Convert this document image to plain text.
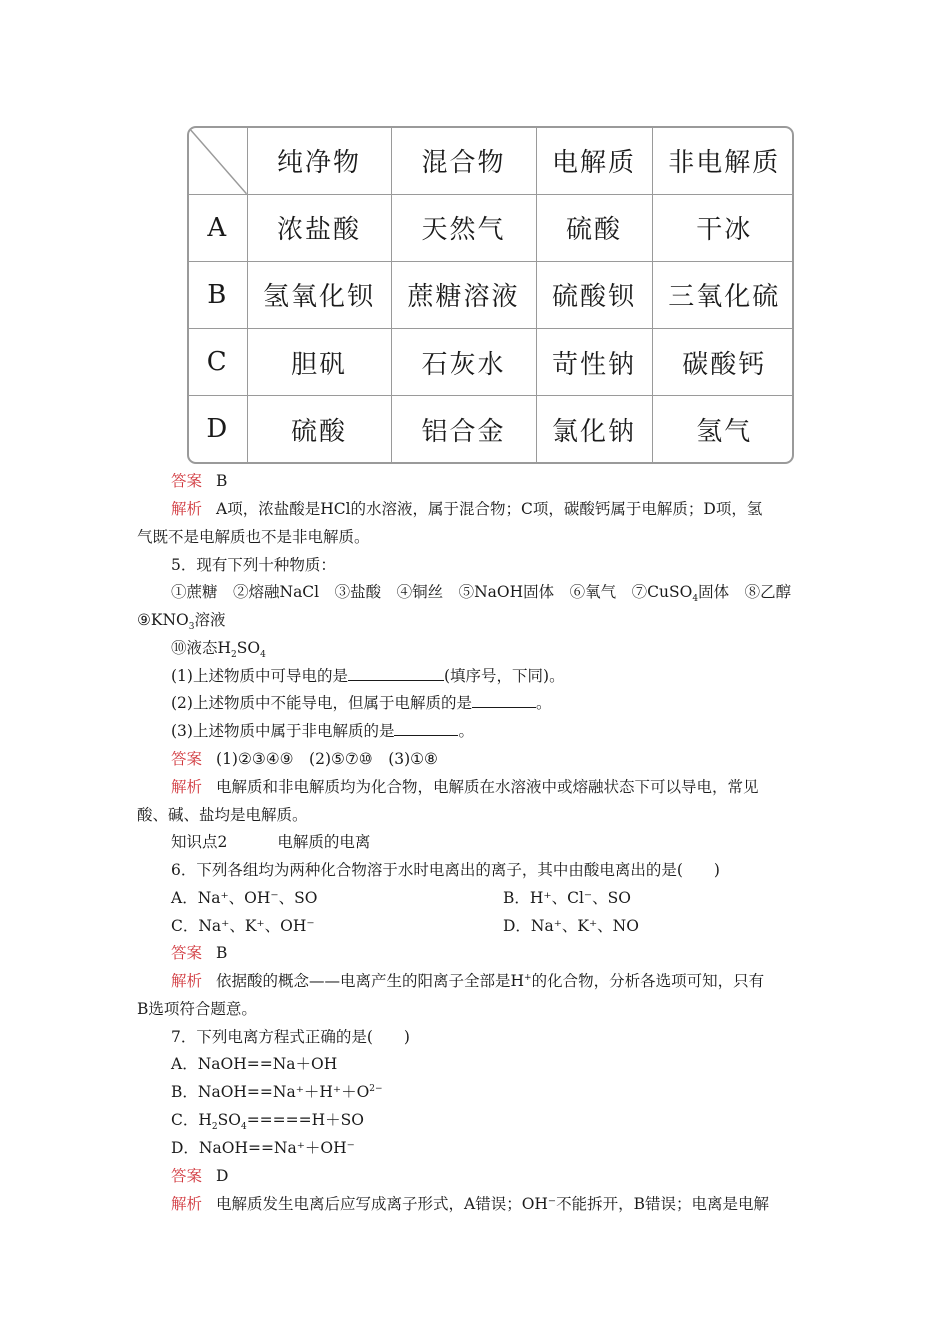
	纯净物	混合物	电解质	非电解质
A	浓盐酸	天然气	硫酸	干冰
B	氢氧化钡	蔗糖溶液	硫酸钡	三氧化硫
C	胆矾	石灰水	苛性钠	碳酸钙
D	硫酸	铝合金	氯化钠	氢气
答案 B
解析 A项，浓盐酸是HCl的水溶液，属于混合物；C项，碳酸钙属于电解质；D项，氢
气既不是电解质也不是非电解质。
5．现有下列十种物质：
①蔗糖　②熔融NaCl　③盐酸　④铜丝　⑤NaOH固体　⑥氧气　⑦CuSO$_4$固体　⑧乙醇
$⑨KNO_3$溶液
⑩液态$H_2SO_4$
(1)上述物质中可导电的是	(填序号，下同)。
(2)上述物质中不能导电，但属于电解质的是	。
(3)上述物质中属于非电解质的是	。
答案 (1)②③④⑨　(2)⑤⑦⑩　(3)①⑧
解析 电解质和非电解质均为化合物，电解质在水溶液中或熔融状态下可以导电，常见
酸、碱、盐均是电解质。
知识点2	电解质的电离
6．下列各组均为两种化合物溶于水时电离出的离子，其中由酸电离出的是(　　)
A．Na⁺、OH⁻、SO	B．H⁺、Cl⁻、SO
C．Na⁺、K⁺、OH⁻	D．Na⁺、K⁺、NO
答案 B
解析 依据酸的概念——电离产生的阳离子全部是H+的化合物，分析各选项可知，只有
B选项符合题意。
7．下列电离方程式正确的是(　　)
A．NaOH==Na＋OH
B．$NaOH==Na^++H^++O^{2-}$
C．$H_2SO_4=====H+SO$
D．NaOH==Na⁺＋OH⁻
答案 D
解析 电解质发生电离后应写成离子形式，A错误；OH⁻不能拆开，B错误；电离是电解
